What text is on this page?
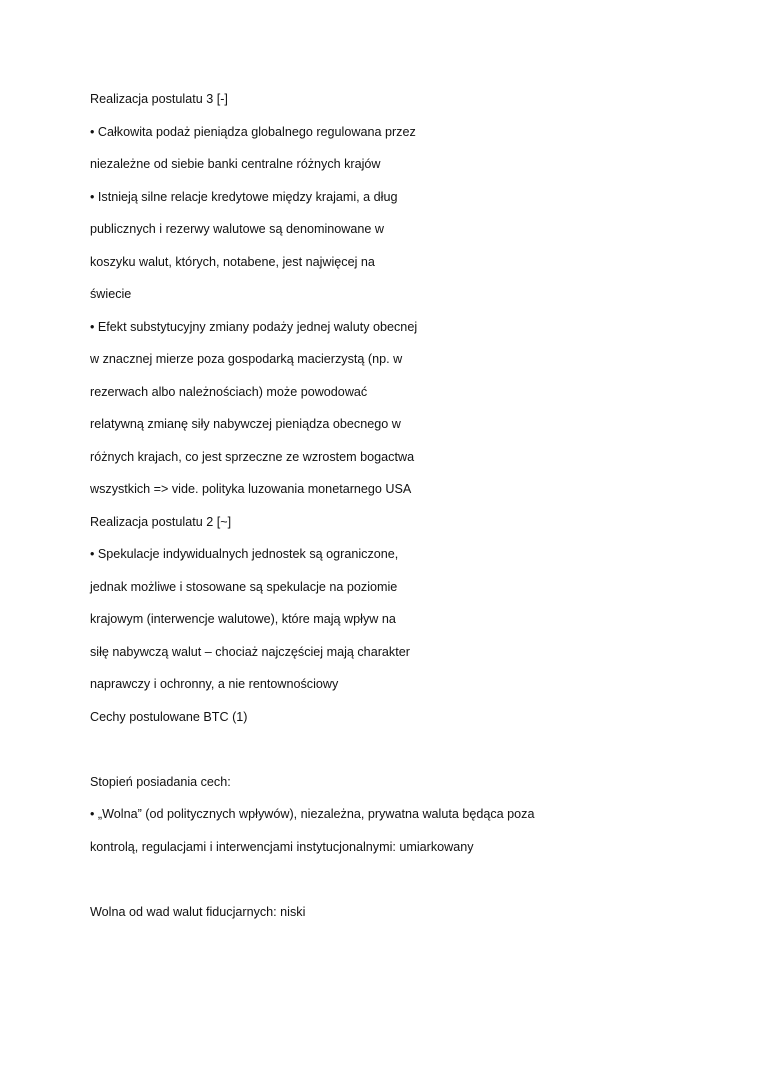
Realizacja postulatu 3 [-]
• Całkowita podaż pieniądza globalnego regulowana przez
niezależne od siebie banki centralne różnych krajów
• Istnieją silne relacje kredytowe między krajami, a dług
publicznych i rezerwy walutowe są denominowane w
koszyku walut, których, notabene, jest najwięcej na
świecie
• Efekt substytucyjny zmiany podaży jednej waluty obecnej
w znacznej mierze poza gospodarką macierzystą (np. w
rezerwach albo należnościach) może powodować
relatywną zmianę siły nabywczej pieniądza obecnego w
różnych krajach, co jest sprzeczne ze wzrostem bogactwa
wszystkich => vide. polityka luzowania monetarnego USA
Realizacja postulatu 2 [~]
• Spekulacje indywidualnych jednostek są ograniczone,
jednak możliwe i stosowane są spekulacje na poziomie
krajowym (interwencje walutowe), które mają wpływ na
siłę nabywczą walut – chociaż najczęściej mają charakter
naprawczy i ochronny, a nie rentownościowy
Cechy postulowane BTC (1)
Stopień posiadania cech:
• „Wolna” (od politycznych wpływów), niezależna, prywatna waluta będąca poza
kontrolą, regulacjami i interwencjami instytucjonalnymi: umiarkowany
Wolna od wad walut fiducjarnych: niski
